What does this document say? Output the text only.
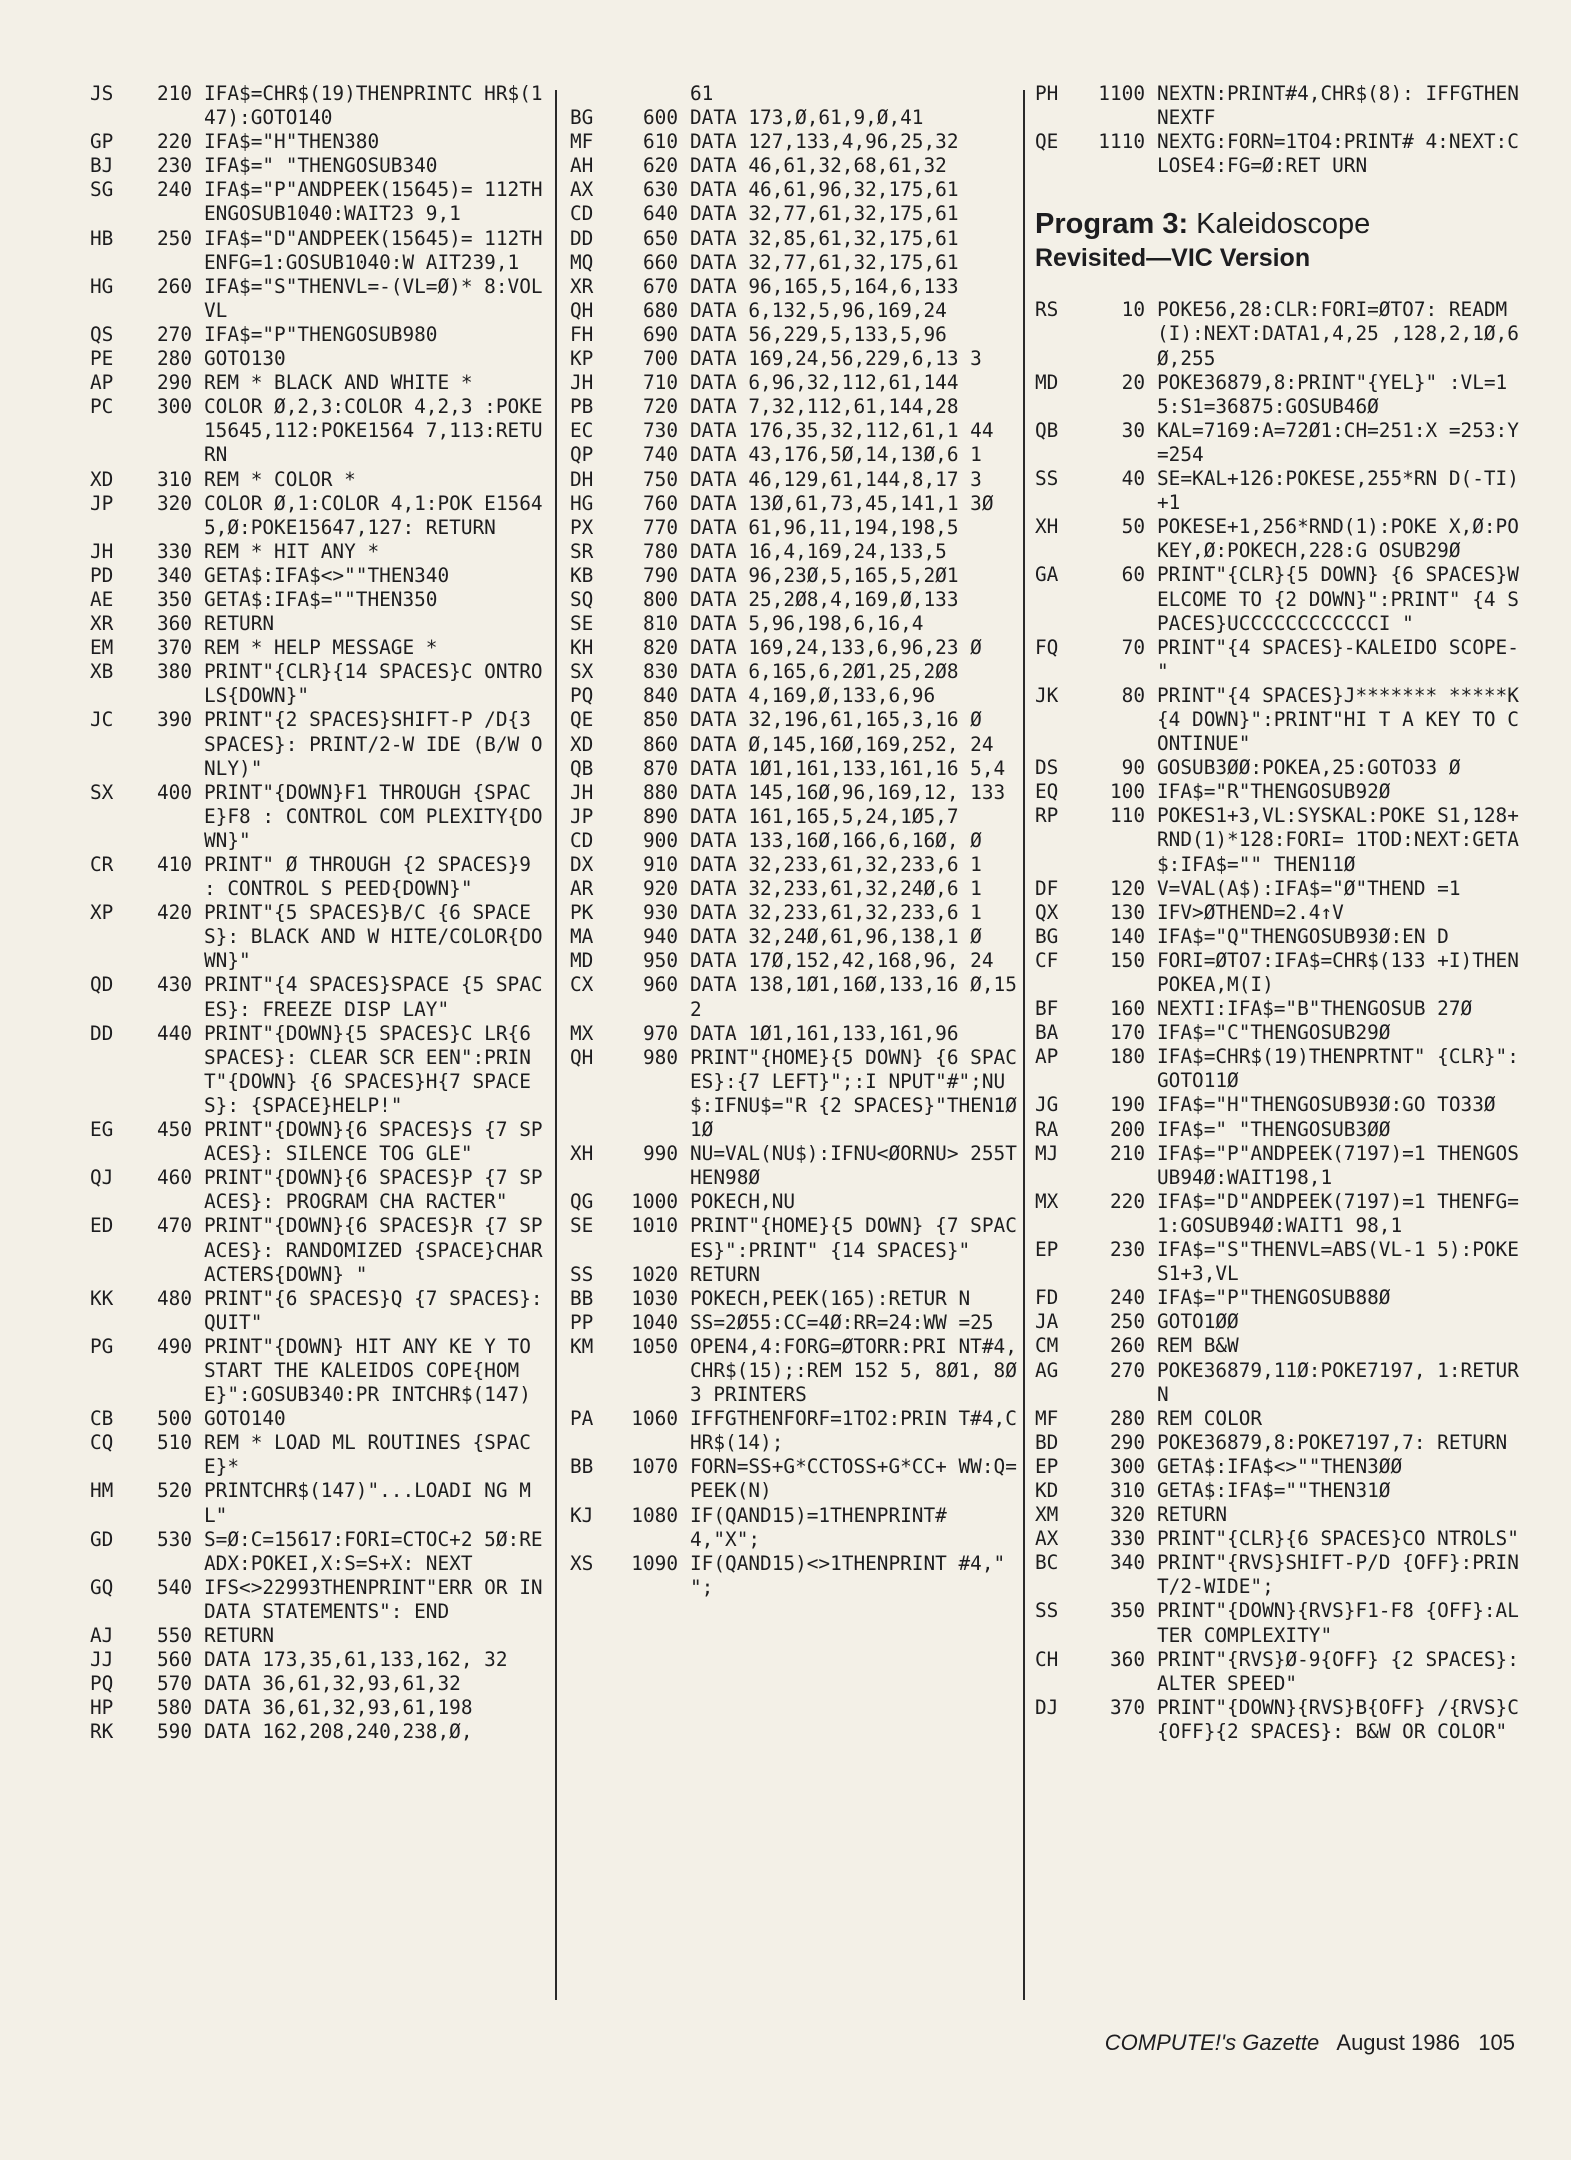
JS	210 IFA$=CHR$(19)THENPRINTC HR$(147):GOTO140
GP	220 IFA$="H"THEN380
BJ	230 IFA$=" "THENGOSUB340
SG	240 IFA$="P"ANDPEEK(15645)= 112THENGOSUB1040:WAIT23 9,1
HB	250 IFA$="D"ANDPEEK(15645)= 112THENFG=1:GOSUB1040:W AIT239,1
HG	260 IFA$="S"THENVL=-(VL=Ø)* 8:VOLVL
QS	270 IFA$="P"THENGOSUB980
PE	280 GOTO130
AP	290 REM * BLACK AND WHITE *
PC	300 COLOR Ø,2,3:COLOR 4,2,3 :POKE15645,112:POKE1564 7,113:RETURN
XD	310 REM * COLOR *
JP	320 COLOR Ø,1:COLOR 4,1:POK E15645,Ø:POKE15647,127: RETURN
JH	330 REM * HIT ANY *
PD	340 GETA$:IFA$<>""THEN340
AE	350 GETA$:IFA$=""THEN350
XR	360 RETURN
EM	370 REM * HELP MESSAGE *
XB	380 PRINT"{CLR}{14 SPACES}C ONTROLS{DOWN}"
JC	390 PRINT"{2 SPACES}SHIFT-P /D{3 SPACES}: PRINT/2-W IDE (B/W ONLY)"
SX	400 PRINT"{DOWN}F1 THROUGH {SPACE}F8 : CONTROL COM PLEXITY{DOWN}"
CR	410 PRINT" Ø THROUGH {2 SPACES}9 : CONTROL S PEED{DOWN}"
XP	420 PRINT"{5 SPACES}B/C {6 SPACES}: BLACK AND W HITE/COLOR{DOWN}"
QD	430 PRINT"{4 SPACES}SPACE {5 SPACES}: FREEZE DISP LAY"
DD	440 PRINT"{DOWN}{5 SPACES}C LR{6 SPACES}: CLEAR SCR EEN":PRINT"{DOWN} {6 SPACES}H{7 SPACES}: {SPACE}HELP!"
EG	450 PRINT"{DOWN}{6 SPACES}S {7 SPACES}: SILENCE TOG GLE"
QJ	460 PRINT"{DOWN}{6 SPACES}P {7 SPACES}: PROGRAM CHA RACTER"
ED	470 PRINT"{DOWN}{6 SPACES}R {7 SPACES}: RANDOMIZED {SPACE}CHARACTERS{DOWN} "
KK	480 PRINT"{6 SPACES}Q {7 SPACES}: QUIT"
PG	490 PRINT"{DOWN} HIT ANY KE Y TO START THE KALEIDOS COPE{HOME}":GOSUB340:PR INTCHR$(147)
CB	500 GOTO140
CQ	510 REM * LOAD ML ROUTINES {SPACE}*
HM	520 PRINTCHR$(147)"...LOADI NG ML"
GD	530 S=Ø:C=15617:FORI=CTOC+2 5Ø:READX:POKEI,X:S=S+X: NEXT
GQ	540 IFS<>22993THENPRINT"ERR OR IN DATA STATEMENTS": END
AJ	550 RETURN
JJ	560 DATA 173,35,61,133,162, 32
PQ	570 DATA 36,61,32,93,61,32
HP	580 DATA 36,61,32,93,61,198
RK	590 DATA 162,208,240,238,Ø,
61
BG	600 DATA 173,Ø,61,9,Ø,41
MF	610 DATA 127,133,4,96,25,32
AH	620 DATA 46,61,32,68,61,32
AX	630 DATA 46,61,96,32,175,61
CD	640 DATA 32,77,61,32,175,61
DD	650 DATA 32,85,61,32,175,61
MQ	660 DATA 32,77,61,32,175,61
XR	670 DATA 96,165,5,164,6,133
QH	680 DATA 6,132,5,96,169,24
FH	690 DATA 56,229,5,133,5,96
KP	700 DATA 169,24,56,229,6,13 3
JH	710 DATA 6,96,32,112,61,144
PB	720 DATA 7,32,112,61,144,28
EC	730 DATA 176,35,32,112,61,1 44
QP	740 DATA 43,176,5Ø,14,13Ø,6 1
DH	750 DATA 46,129,61,144,8,17 3
HG	760 DATA 13Ø,61,73,45,141,1 3Ø
PX	770 DATA 61,96,11,194,198,5
SR	780 DATA 16,4,169,24,133,5
KB	790 DATA 96,23Ø,5,165,5,2Ø1
SQ	800 DATA 25,2Ø8,4,169,Ø,133
SE	810 DATA 5,96,198,6,16,4
KH	820 DATA 169,24,133,6,96,23 Ø
SX	830 DATA 6,165,6,2Ø1,25,2Ø8
PQ	840 DATA 4,169,Ø,133,6,96
QE	850 DATA 32,196,61,165,3,16 Ø
XD	860 DATA Ø,145,16Ø,169,252, 24
QB	870 DATA 1Ø1,161,133,161,16 5,4
JH	880 DATA 145,16Ø,96,169,12, 133
JP	890 DATA 161,165,5,24,1Ø5,7
CD	900 DATA 133,16Ø,166,6,16Ø, Ø
DX	910 DATA 32,233,61,32,233,6 1
AR	920 DATA 32,233,61,32,24Ø,6 1
PK	930 DATA 32,233,61,32,233,6 1
MA	940 DATA 32,24Ø,61,96,138,1 Ø
MD	950 DATA 17Ø,152,42,168,96, 24
CX	960 DATA 138,1Ø1,16Ø,133,16 Ø,152
MX	970 DATA 1Ø1,161,133,161,96
QH	980 PRINT"{HOME}{5 DOWN} {6 SPACES}:{7 LEFT}";:I NPUT"#";NU$:IFNU$="R {2 SPACES}"THEN1Ø1Ø
XH	990 NU=VAL(NU$):IFNU<ØORNU> 255THEN98Ø
QG	1000 POKECH,NU
SE	1010 PRINT"{HOME}{5 DOWN} {7 SPACES}":PRINT" {14 SPACES}"
SS	1020 RETURN
BB	1030 POKECH,PEEK(165):RETUR N
PP	1040 SS=2Ø55:CC=4Ø:RR=24:WW =25
KM	1050 OPEN4,4:FORG=ØTORR:PRI NT#4,CHR$(15);:REM 152 5, 8Ø1, 8Ø3 PRINTERS
PA	1060 IFFGTHENFORF=1TO2:PRIN T#4,CHR$(14);
BB	1070 FORN=SS+G*CCTOSS+G*CC+ WW:Q=PEEK(N)
KJ	1080 IF(QAND15)=1THENPRINT# 4,"X";
XS	1090 IF(QAND15)<>1THENPRINT #4," ";
PH	1100 NEXTN:PRINT#4,CHR$(8): IFFGTHENNEXTF
QE	1110 NEXTG:FORN=1TO4:PRINT# 4:NEXT:CLOSE4:FG=Ø:RET URN
Program 3: Kaleidoscope
Revisited—VIC Version
RS	10 POKE56,28:CLR:FORI=ØTO7: READM(I):NEXT:DATA1,4,25 ,128,2,1Ø,6Ø,255
MD	20 POKE36879,8:PRINT"{YEL}" :VL=15:S1=36875:GOSUB46Ø
QB	30 KAL=7169:A=72Ø1:CH=251:X =253:Y=254
SS	40 SE=KAL+126:POKESE,255*RN D(-TI)+1
XH	50 POKESE+1,256*RND(1):POKE X,Ø:POKEY,Ø:POKECH,228:G OSUB29Ø
GA	60 PRINT"{CLR}{5 DOWN} {6 SPACES}WELCOME TO {2 DOWN}":PRINT" {4 SPACES}UCCCCCCCCCCCCI "
FQ	70 PRINT"{4 SPACES}-KALEIDO SCOPE-"
JK	80 PRINT"{4 SPACES}J******* *****K{4 DOWN}":PRINT"HI T A KEY TO CONTINUE"
DS	90 GOSUB3ØØ:POKEA,25:GOTO33 Ø
EQ	100 IFA$="R"THENGOSUB92Ø
RP	110 POKES1+3,VL:SYSKAL:POKE S1,128+RND(1)*128:FORI= 1TOD:NEXT:GETA$:IFA$="" THEN11Ø
DF	120 V=VAL(A$):IFA$="Ø"THEND =1
QX	130 IFV>ØTHEND=2.4↑V
BG	140 IFA$="Q"THENGOSUB93Ø:EN D
CF	150 FORI=ØTO7:IFA$=CHR$(133 +I)THENPOKEA,M(I)
BF	160 NEXTI:IFA$="B"THENGOSUB 27Ø
BA	170 IFA$="C"THENGOSUB29Ø
AP	180 IFA$=CHR$(19)THENPRTNT" {CLR}":GOTO11Ø
JG	190 IFA$="H"THENGOSUB93Ø:GO TO33Ø
RA	200 IFA$=" "THENGOSUB3ØØ
MJ	210 IFA$="P"ANDPEEK(7197)=1 THENGOSUB94Ø:WAIT198,1
MX	220 IFA$="D"ANDPEEK(7197)=1 THENFG=1:GOSUB94Ø:WAIT1 98,1
EP	230 IFA$="S"THENVL=ABS(VL-1 5):POKES1+3,VL
FD	240 IFA$="P"THENGOSUB88Ø
JA	250 GOTO1ØØ
CM	260 REM B&W
AG	270 POKE36879,11Ø:POKE7197, 1:RETURN
MF	280 REM COLOR
BD	290 POKE36879,8:POKE7197,7: RETURN
EP	300 GETA$:IFA$<>""THEN3ØØ
KD	310 GETA$:IFA$=""THEN31Ø
XM	320 RETURN
AX	330 PRINT"{CLR}{6 SPACES}CO NTROLS"
BC	340 PRINT"{RVS}SHIFT-P/D {OFF}:PRINT/2-WIDE";
SS	350 PRINT"{DOWN}{RVS}F1-F8 {OFF}:ALTER COMPLEXITY"
CH	360 PRINT"{RVS}Ø-9{OFF} {2 SPACES}:ALTER SPEED"
DJ	370 PRINT"{DOWN}{RVS}B{OFF} /{RVS}C{OFF}{2 SPACES}: B&W OR COLOR"
COMPUTE!'s Gazette August 1986 105
